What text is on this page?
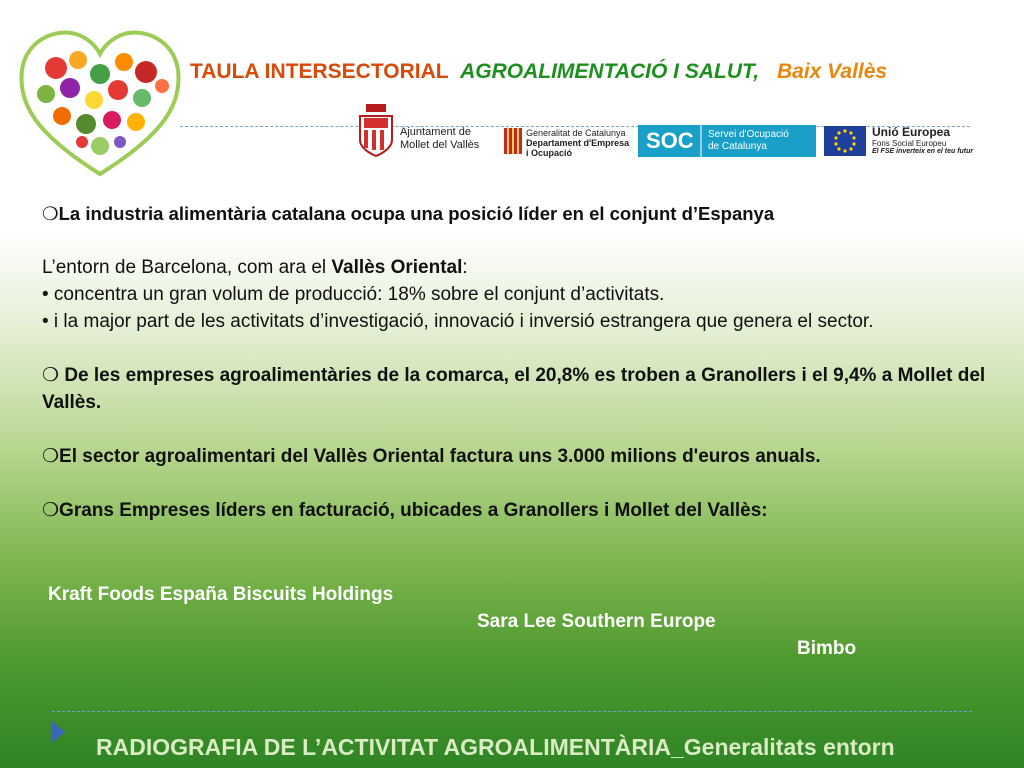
TAULA INTERSECTORIAL AGROALIMENTACIÓ I SALUT, Baix Vallès
Ajuntament de
Mollet del Vallès
Generalitat de Catalunya
Departament d'Empresa
i Ocupació	SOC Servei d'Ocupació
de Catalunya
Unió Europea
Fons Social Europeu
El FSE inverteix en el teu futur

❍La industria alimentària catalana ocupa una posició líder en el conjunt d’Espanya

L’entorn de Barcelona, com ara el Vallès Oriental:

• concentra un gran volum de producció: 18% sobre el conjunt d’activitats.

• i la major part de les activitats d’investigació, innovació i inversió estrangera que genera el sector.

❍ De les empreses agroalimentàries de la comarca, el 20,8% es troben a Granollers i el 9,4% a Mollet del Vallès.

❍El sector agroalimentari del Vallès Oriental factura uns 3.000 milions d'euros anuals.

❍Grans Empreses líders en facturació, ubicades a Granollers i Mollet del Vallès:

Kraft Foods España Biscuits Holdings
Sara Lee Southern Europe
Bimbo
RADIOGRAFIA DE L’ACTIVITAT AGROALIMENTÀRIA_Generalitats entorn
